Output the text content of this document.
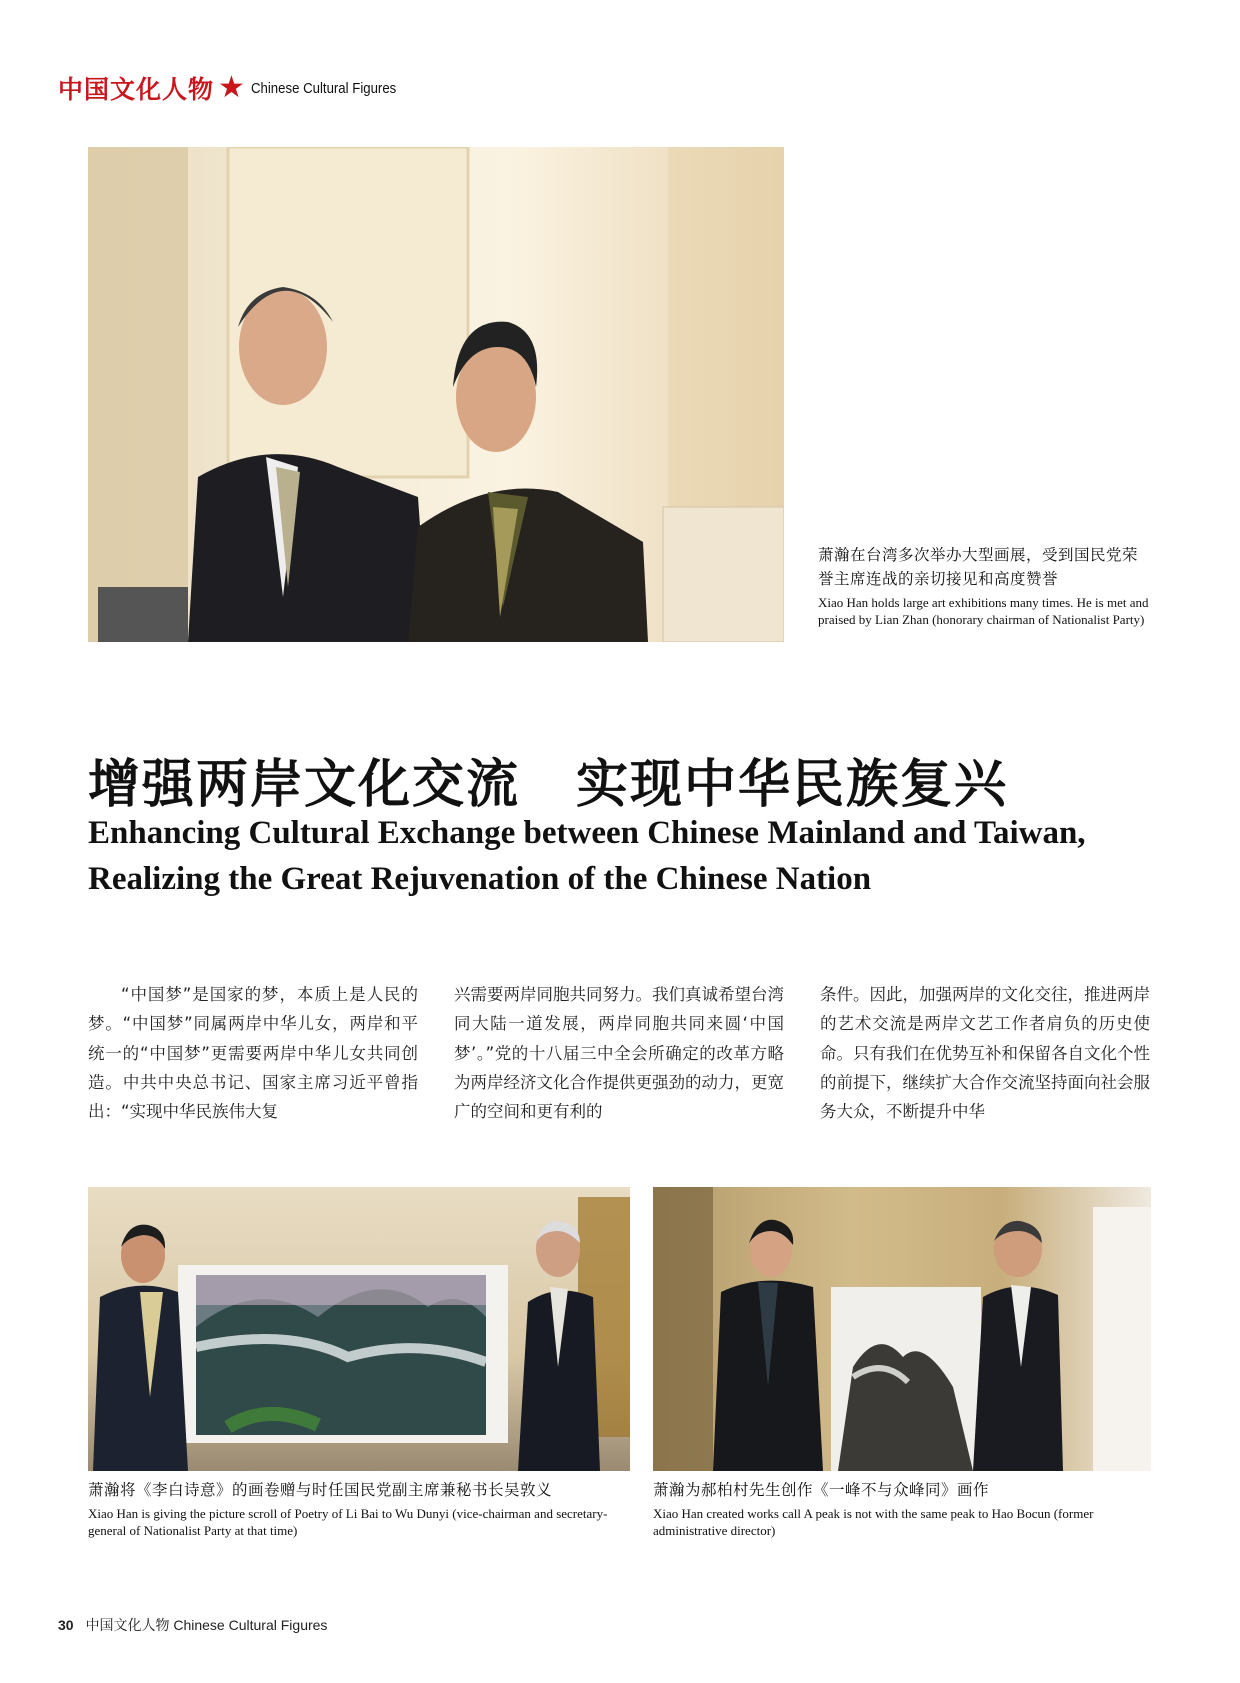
中国文化人物 ★ Chinese Cultural Figures
萧瀚在台湾多次举办大型画展，受到国民党荣誉主席连战的亲切接见和高度赞誉
Xiao Han holds large art exhibitions many times. He is met and praised by Lian Zhan (honorary chairman of Nationalist Party)
增强两岸文化交流 实现中华民族复兴
Enhancing Cultural Exchange between Chinese Mainland and Taiwan, Realizing the Great Rejuvenation of the Chinese Nation
“中国梦”是国家的梦，本质上是人民的梦。“中国梦”同属两岸中华儿女，两岸和平统一的“中国梦”更需要两岸中华儿女共同创造。中共中央总书记、国家主席习近平曾指出：“实现中华民族伟大复
兴需要两岸同胞共同努力。我们真诚希望台湾同大陆一道发展，两岸同胞共同来圆‘中国梦’。”党的十八届三中全会所确定的改革方略为两岸经济文化合作提供更强劲的动力，更宽广的空间和更有利的
条件。因此，加强两岸的文化交往，推进两岸的艺术交流是两岸文艺工作者肩负的历史使命。只有我们在优势互补和保留各自文化个性的前提下，继续扩大合作交流坚持面向社会服务大众，不断提升中华
萧瀚将《李白诗意》的画卷赠与时任国民党副主席兼秘书长吴敦义
Xiao Han is giving the picture scroll of Poetry of Li Bai to Wu Dunyi (vice-chairman and secretary-general of Nationalist Party at that time)
萧瀚为郝柏村先生创作《一峰不与众峰同》画作
Xiao Han created works call A peak is not with the same peak to Hao Bocun (former administrative director)
30 中国文化人物 Chinese Cultural Figures
